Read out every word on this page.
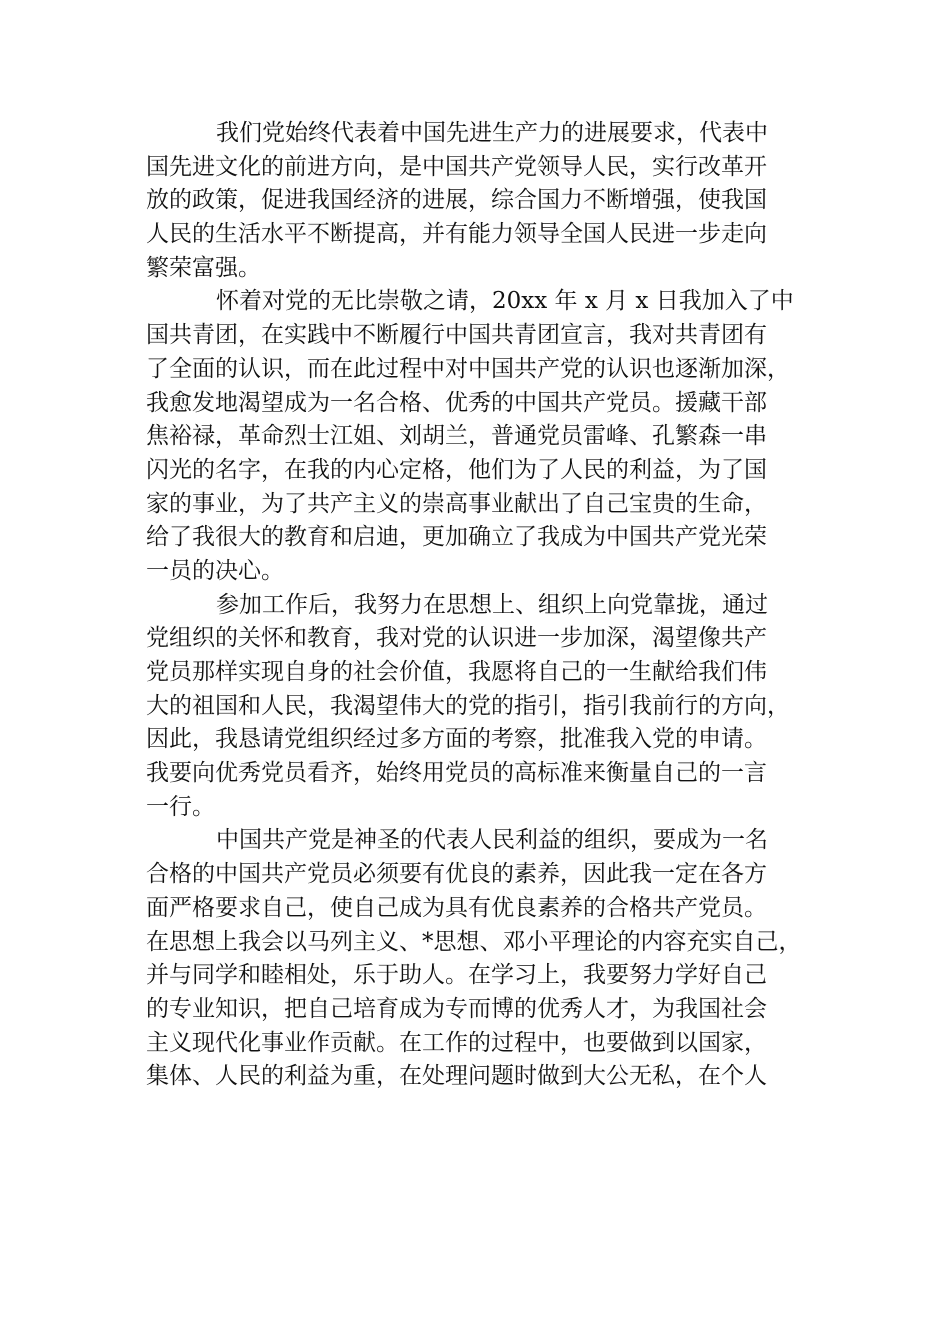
我们党始终代表着中国先进生产力的进展要求，代表中
国先进文化的前进方向，是中国共产党领导人民，实行改革开
放的政策，促进我国经济的进展，综合国力不断增强，使我国
人民的生活水平不断提高，并有能力领导全国人民进一步走向
繁荣富强。
怀着对党的无比崇敬之请，20xx 年 x 月 x 日我加入了中
国共青团，在实践中不断履行中国共青团宣言，我对共青团有
了全面的认识，而在此过程中对中国共产党的认识也逐渐加深，
我愈发地渴望成为一名合格、优秀的中国共产党员。援藏干部
焦裕禄，革命烈士江姐、刘胡兰，普通党员雷峰、孔繁森一串
闪光的名字，在我的内心定格，他们为了人民的利益，为了国
家的事业，为了共产主义的崇高事业献出了自己宝贵的生命，
给了我很大的教育和启迪，更加确立了我成为中国共产党光荣
一员的决心。
参加工作后，我努力在思想上、组织上向党靠拢，通过
党组织的关怀和教育，我对党的认识进一步加深，渴望像共产
党员那样实现自身的社会价值，我愿将自己的一生献给我们伟
大的祖国和人民，我渴望伟大的党的指引，指引我前行的方向，
因此，我恳请党组织经过多方面的考察，批准我入党的申请。
我要向优秀党员看齐，始终用党员的高标准来衡量自己的一言
一行。
中国共产党是神圣的代表人民利益的组织，要成为一名
合格的中国共产党员必须要有优良的素养，因此我一定在各方
面严格要求自己，使自己成为具有优良素养的合格共产党员。
在思想上我会以马列主义、*思想、邓小平理论的内容充实自己，
并与同学和睦相处，乐于助人。在学习上，我要努力学好自己
的专业知识，把自己培育成为专而博的优秀人才，为我国社会
主义现代化事业作贡献。在工作的过程中，也要做到以国家，
集体、人民的利益为重，在处理问题时做到大公无私，在个人
